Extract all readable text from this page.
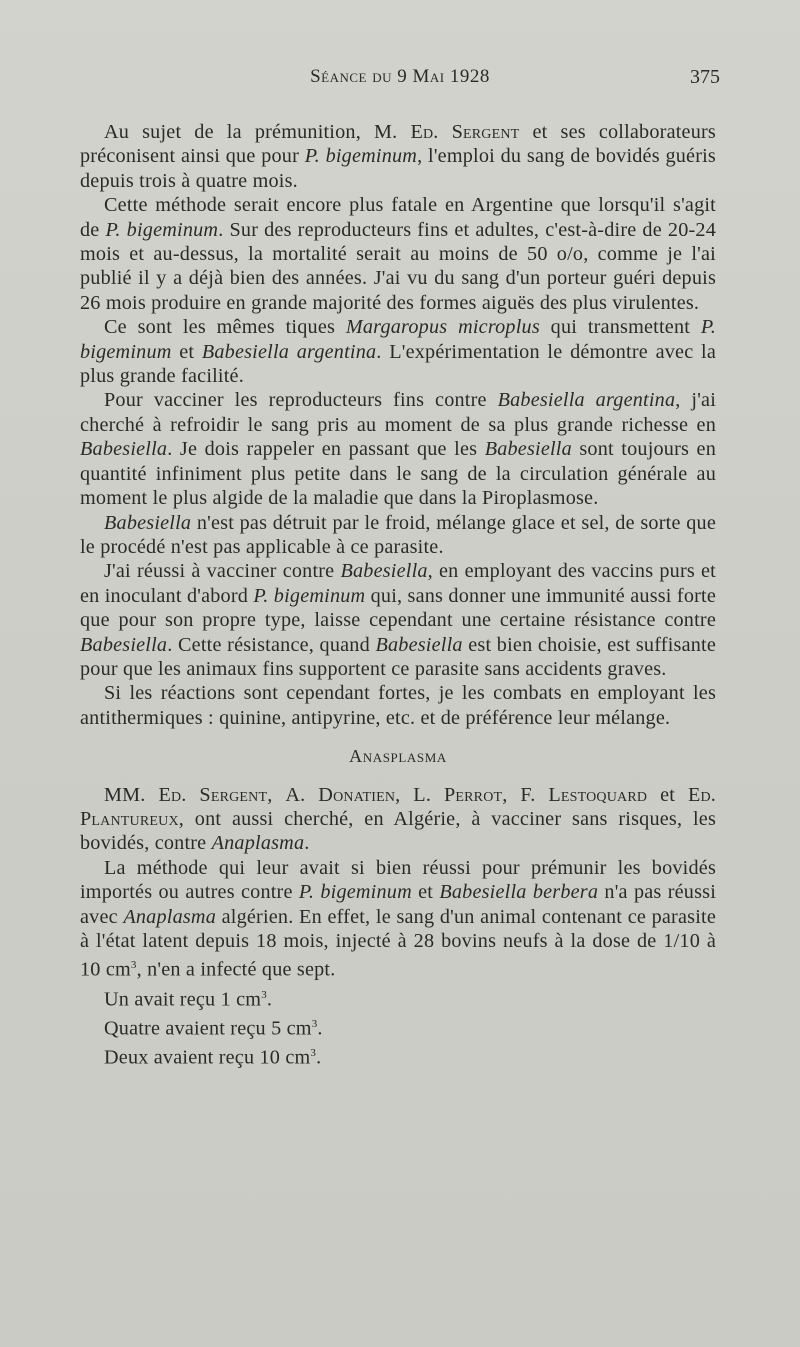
Séance du 9 Mai 1928	375

Au sujet de la prémunition, M. Ed. Sergent et ses collaborateurs préconisent ainsi que pour P. bigeminum, l'emploi du sang de bovidés guéris depuis trois à quatre mois.

Cette méthode serait encore plus fatale en Argentine que lorsqu'il s'agit de P. bigeminum. Sur des reproducteurs fins et adultes, c'est-à-dire de 20-24 mois et au-dessus, la mortalité serait au moins de 50 o/o, comme je l'ai publié il y a déjà bien des années. J'ai vu du sang d'un porteur guéri depuis 26 mois produire en grande majorité des formes aiguës des plus virulentes.

Ce sont les mêmes tiques Margaropus microplus qui transmettent P. bigeminum et Babesiella argentina. L'expérimentation le démontre avec la plus grande facilité.

Pour vacciner les reproducteurs fins contre Babesiella argentina, j'ai cherché à refroidir le sang pris au moment de sa plus grande richesse en Babesiella. Je dois rappeler en passant que les Babesiella sont toujours en quantité infiniment plus petite dans le sang de la circulation générale au moment le plus algide de la maladie que dans la Piroplasmose.

Babesiella n'est pas détruit par le froid, mélange glace et sel, de sorte que le procédé n'est pas applicable à ce parasite.

J'ai réussi à vacciner contre Babesiella, en employant des vaccins purs et en inoculant d'abord P. bigeminum qui, sans donner une immunité aussi forte que pour son propre type, laisse cependant une certaine résistance contre Babesiella. Cette résistance, quand Babesiella est bien choisie, est suffisante pour que les animaux fins supportent ce parasite sans accidents graves.

Si les réactions sont cependant fortes, je les combats en employant les antithermiques : quinine, antipyrine, etc. et de préférence leur mélange.

Anasplasma

MM. Ed. Sergent, A. Donatien, L. Perrot, F. Lestoquard et Ed. Plantureux, ont aussi cherché, en Algérie, à vacciner sans risques, les bovidés, contre Anaplasma.

La méthode qui leur avait si bien réussi pour prémunir les bovidés importés ou autres contre P. bigeminum et Babesiella berbera n'a pas réussi avec Anaplasma algérien. En effet, le sang d'un animal contenant ce parasite à l'état latent depuis 18 mois, injecté à 28 bovins neufs à la dose de 1/10 à 10 $cm^3$, n'en a infecté que sept.

Un avait reçu 1 $cm^3$.
Quatre avaient reçu 5 $cm^3$.
Deux avaient reçu 10 $cm^3$.
